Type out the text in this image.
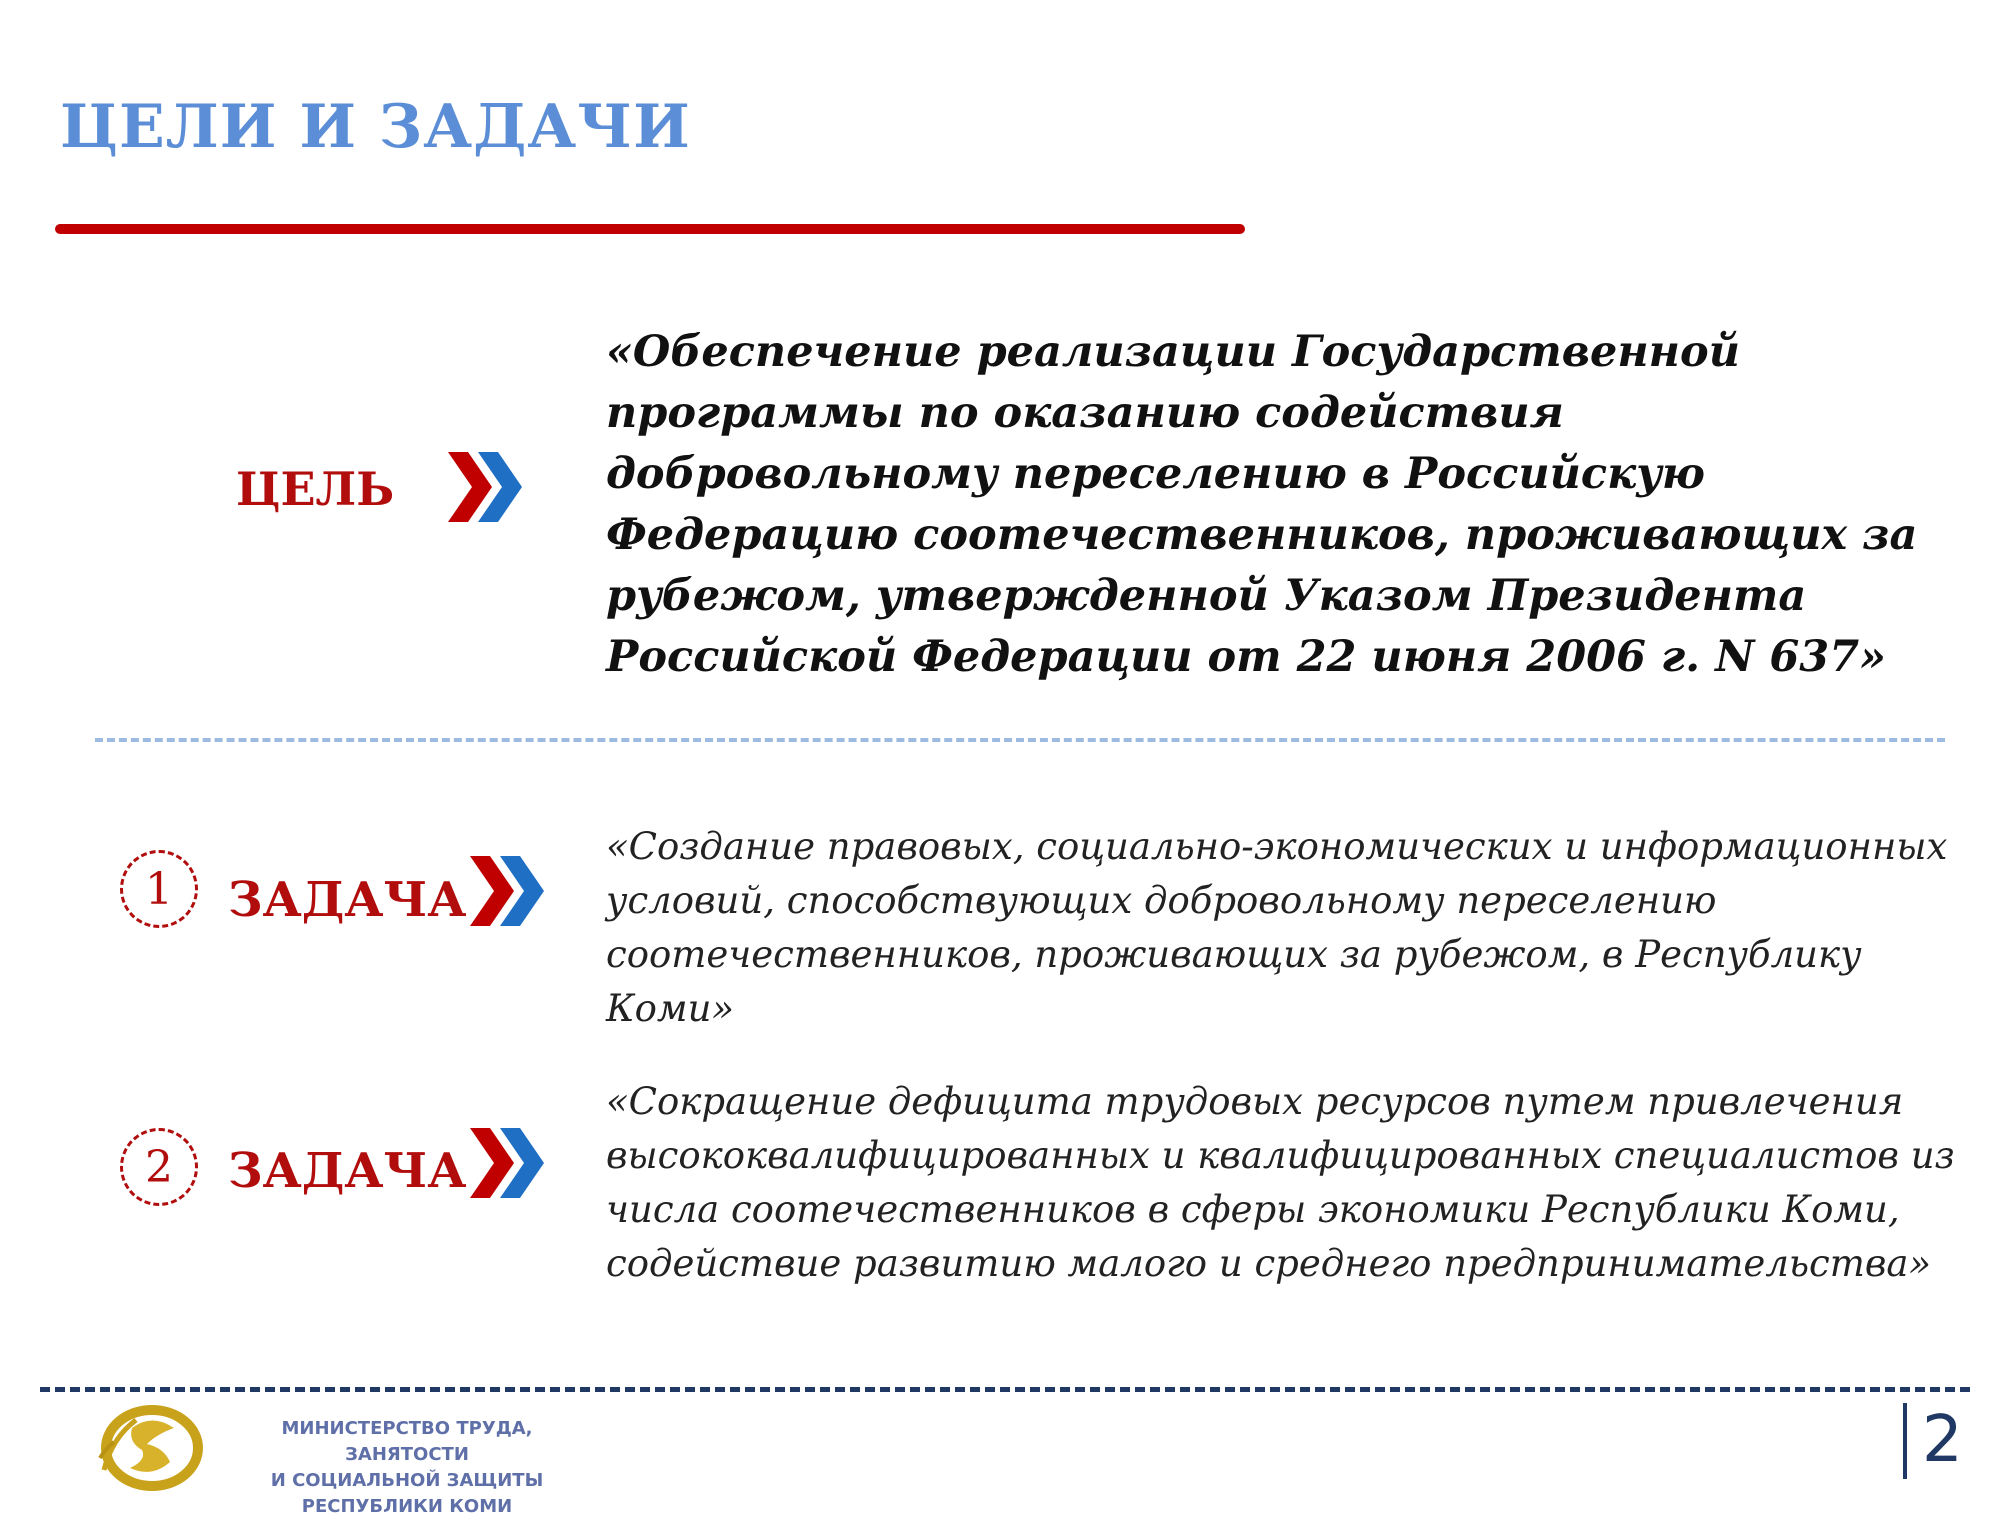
ЦЕЛИ И ЗАДАЧИ
ЦЕЛЬ
«Обеспечение реализации Государственной программы по оказанию содействия добровольному переселению в Российскую Федерацию соотечественников, проживающих за рубежом, утвержденной Указом Президента Российской Федерации от 22 июня 2006 г. N 637»
1	ЗАДАЧА
«Создание правовых, социально-экономических и информационных условий, способствующих добровольному переселению соотечественников, проживающих за рубежом, в Республику Коми»
2	ЗАДАЧА
«Сокращение дефицита трудовых ресурсов путем привлечения высококвалифицированных и квалифицированных специалистов из числа соотечественников в сферы экономики Республики Коми, содействие развитию малого и среднего предпринимательства»
МИНИСТЕРСТВО ТРУДА, ЗАНЯТОСТИ
И СОЦИАЛЬНОЙ ЗАЩИТЫ
РЕСПУБЛИКИ КОМИ
2
